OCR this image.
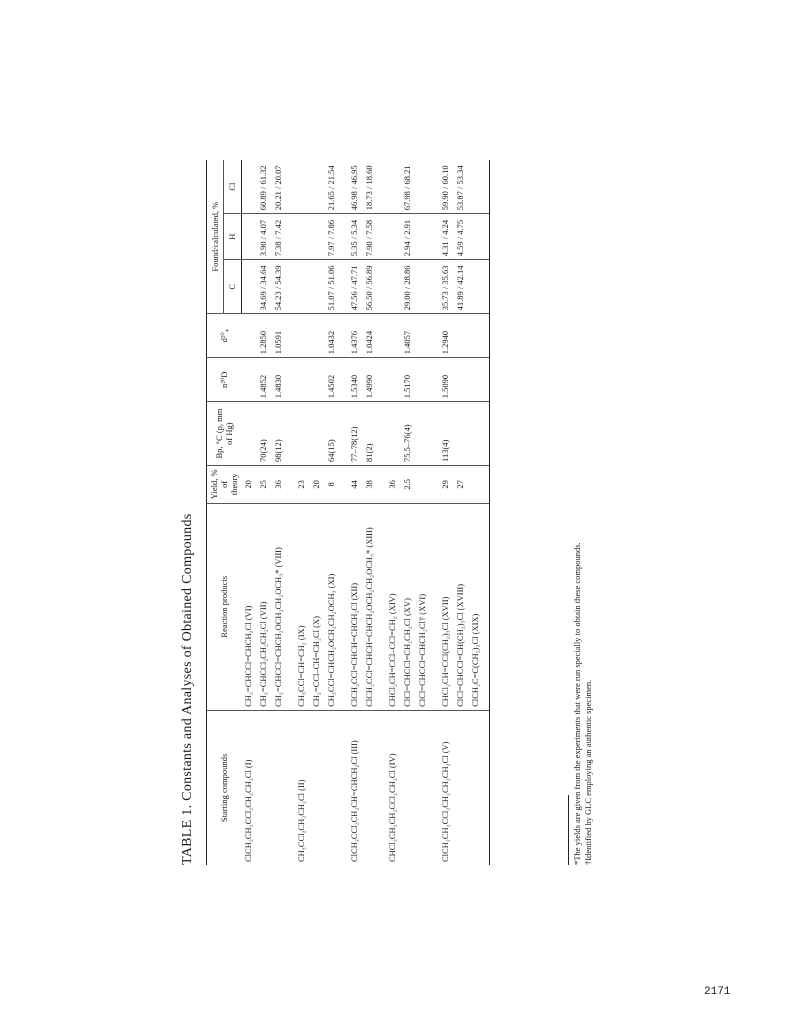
TABLE 1. Constants and Analyses of Obtained Compounds	Starting compounds	Reaction products	Yield, % of theory	Bp, °C (p, mm of Hg)	n²⁰D	d²⁰₄	Found/calculated, %		
						C	H	Cl
ClCH₂CH₂CCl₂CH₂CH₂Cl (I)	CH₂=CHCCl=CHCH₂Cl (VI)	20						
	CH₂=CHCCl₂CH₂CH₂Cl (VII)	25	70(24)	1.4852	1.2850	34.69 / 34.64	3.90 / 4.07	60.89 / 61.32
	CH₂=CHCCl=CHCH₂OCH₂CH₂OCH₃* (VIII)	36	98(12)	1.4830	1.0591	54.23 / 54.39	7.38 / 7.42	20.21 / 20.07
CH₃CCl₂CH₂CH₂Cl (II)	CH₃CCl=CH=CH₂ (IX)	23						
	CH₂=CCl–CH=CH₂Cl (X)	20						
	CH₃CCl=CHCH₂OCH₂CH₂OCH₃ (XI)	8	64(15)	1.4502	1.0432	51.07 / 51.06	7.97 / 7.86	21.65 / 21.54
ClCH₂CCl₂CH₂CH=CHCH₂Cl (III)	ClCH₂CCl=CHCH=CHCH₂Cl (XII)	44	77–78(12)	1.5340	1.4376	47.56 / 47.71	5.35 / 5.34	46.98 / 46.95
	ClCH₂CCl=CHCH=CHCH₂OCH₂CH₂OCH₃* (XIII)	38	81(2)	1.4990	1.0424	56.50 / 56.89	7.90 / 7.58	18.73 / 18.60
CHCl₂CH₂CH₂CCl₂CH₂Cl (IV)	CHCl₂CH=CCl–CCl=CH₂ (XIV)	36						
	ClCl=CHCCl=CH₂CH₂Cl (XV)	2.5	75.5–76(4)	1.5170	1.4057	29.00 / 28.86	2.94 / 2.91	67.98 / 68.21
	ClCl=CHCCl=CHCH₂Cl† (XVI)							
ClCH₂CH₂CCl₂CH₂CH₂CH₂Cl (V)	CHCl₂CH=CCl(CH₂)₃Cl (XVII)	29	113(4)	1.5090	1.2940	35.73 / 35.63	4.31 / 4.24	59.90 / 60.10
	ClCl=CHCCl=CH(CH₂)₃Cl (XVIII)	27				41.89 / 42.14	4.59 / 4.75	53.87 / 53.34
	ClCH₂C=C(CH₂)₃Cl (XIX)								*The yields are given from the experiments that were run specially to obtain these compounds. †Identified by GLC employing an authentic specimen.
2171
